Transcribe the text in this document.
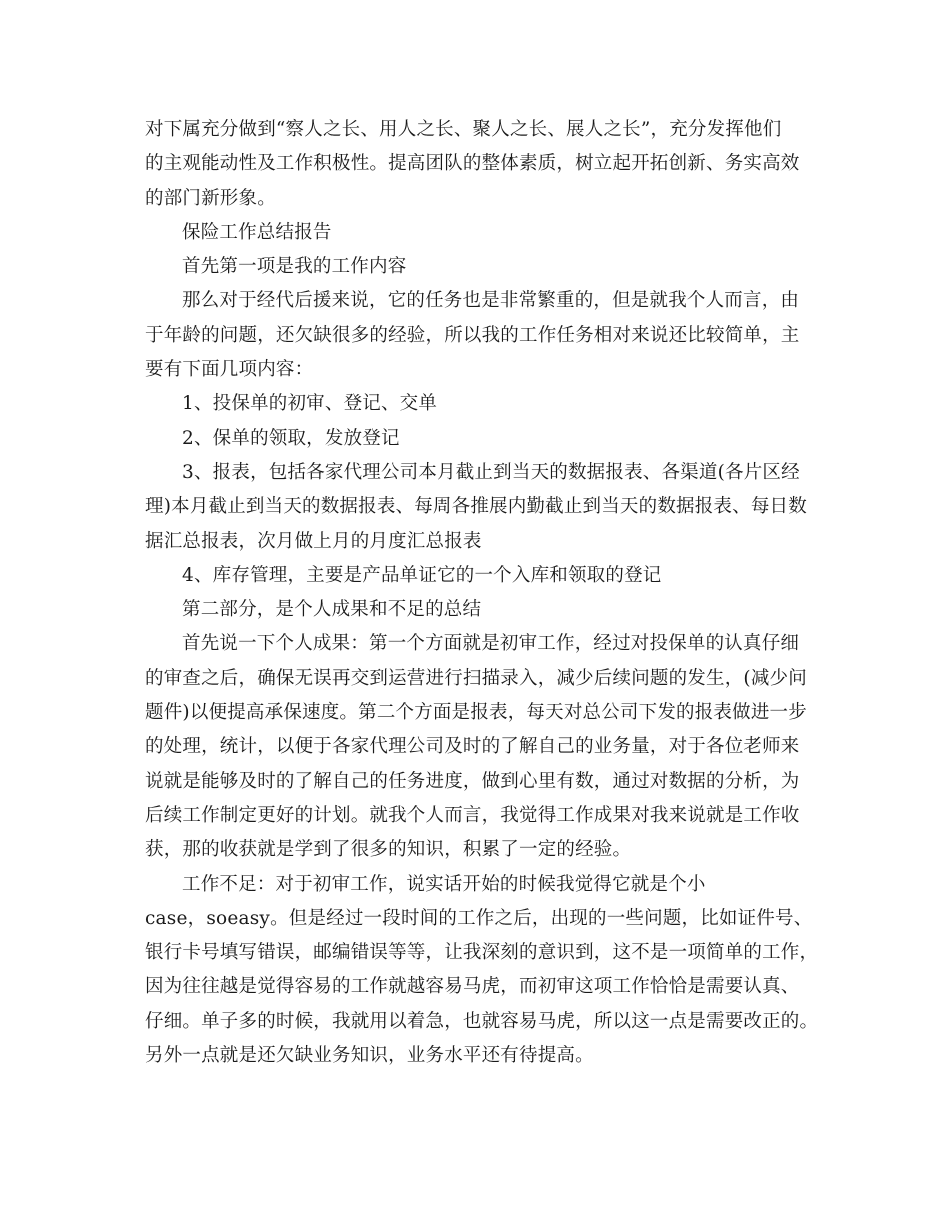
对下属充分做到“察人之长、用人之长、聚人之长、展人之长”，充分发挥他们
的主观能动性及工作积极性。提高团队的整体素质，树立起开拓创新、务实高效
的部门新形象。

保险工作总结报告

首先第一项是我的工作内容

那么对于经代后援来说，它的任务也是非常繁重的，但是就我个人而言，由
于年龄的问题，还欠缺很多的经验，所以我的工作任务相对来说还比较简单，主
要有下面几项内容：

1、投保单的初审、登记、交单

2、保单的领取，发放登记

3、报表，包括各家代理公司本月截止到当天的数据报表、各渠道(各片区经
理)本月截止到当天的数据报表、每周各推展内勤截止到当天的数据报表、每日数
据汇总报表，次月做上月的月度汇总报表

4、库存管理，主要是产品单证它的一个入库和领取的登记

第二部分，是个人成果和不足的总结

首先说一下个人成果：第一个方面就是初审工作，经过对投保单的认真仔细
的审查之后，确保无误再交到运营进行扫描录入，减少后续问题的发生，(减少问
题件)以便提高承保速度。第二个方面是报表，每天对总公司下发的报表做进一步
的处理，统计，以便于各家代理公司及时的了解自己的业务量，对于各位老师来
说就是能够及时的了解自己的任务进度，做到心里有数，通过对数据的分析，为
后续工作制定更好的计划。就我个人而言，我觉得工作成果对我来说就是工作收
获，那的收获就是学到了很多的知识，积累了一定的经验。

工作不足：对于初审工作，说实话开始的时候我觉得它就是个小
case，soeasy。但是经过一段时间的工作之后，出现的一些问题，比如证件号、
银行卡号填写错误，邮编错误等等，让我深刻的意识到，这不是一项简单的工作，
因为往往越是觉得容易的工作就越容易马虎，而初审这项工作恰恰是需要认真、
仔细。单子多的时候，我就用以着急，也就容易马虎，所以这一点是需要改正的。
另外一点就是还欠缺业务知识，业务水平还有待提高。
